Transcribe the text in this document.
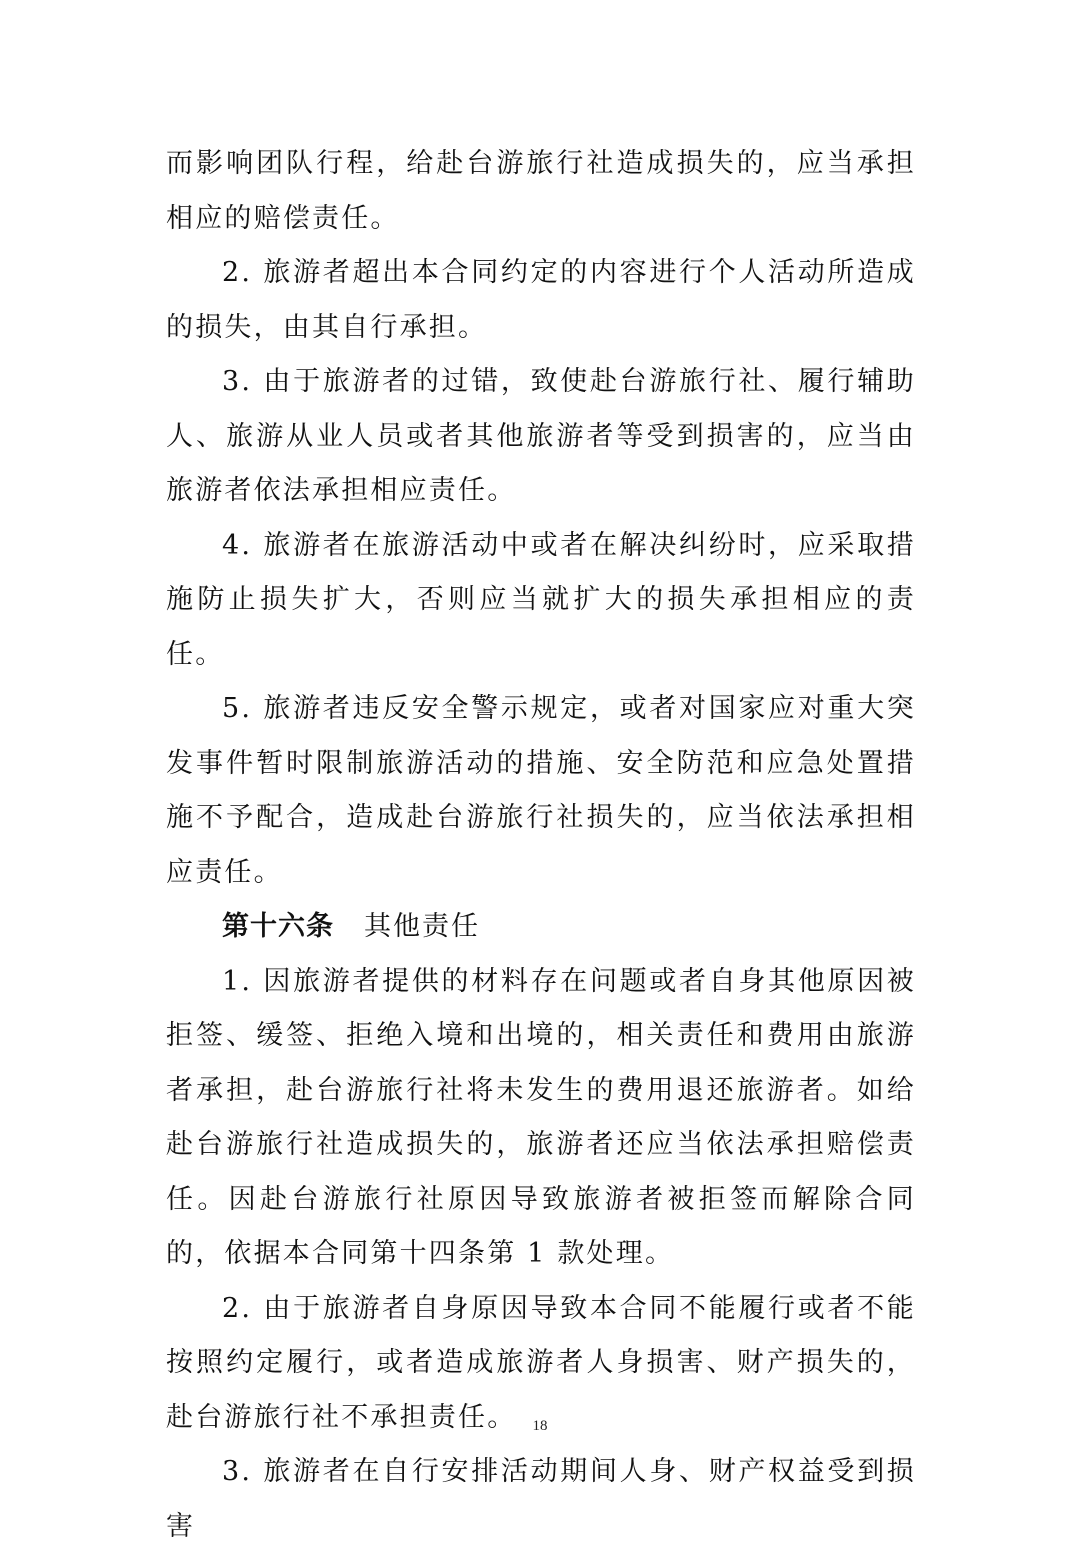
而影响团队行程，给赴台游旅行社造成损失的，应当承担相应的赔偿责任。

2. 旅游者超出本合同约定的内容进行个人活动所造成的损失，由其自行承担。

3. 由于旅游者的过错，致使赴台游旅行社、履行辅助人、旅游从业人员或者其他旅游者等受到损害的，应当由旅游者依法承担相应责任。

4. 旅游者在旅游活动中或者在解决纠纷时，应采取措施防止损失扩大，否则应当就扩大的损失承担相应的责任。

5. 旅游者违反安全警示规定，或者对国家应对重大突发事件暂时限制旅游活动的措施、安全防范和应急处置措施不予配合，造成赴台游旅行社损失的，应当依法承担相应责任。

第十六条 其他责任

1. 因旅游者提供的材料存在问题或者自身其他原因被拒签、缓签、拒绝入境和出境的，相关责任和费用由旅游者承担，赴台游旅行社将未发生的费用退还旅游者。如给赴台游旅行社造成损失的，旅游者还应当依法承担赔偿责任。因赴台游旅行社原因导致旅游者被拒签而解除合同的，依据本合同第十四条第 1 款处理。

2. 由于旅游者自身原因导致本合同不能履行或者不能按照约定履行，或者造成旅游者人身损害、财产损失的，赴台游旅行社不承担责任。

3. 旅游者在自行安排活动期间人身、财产权益受到损害

18
